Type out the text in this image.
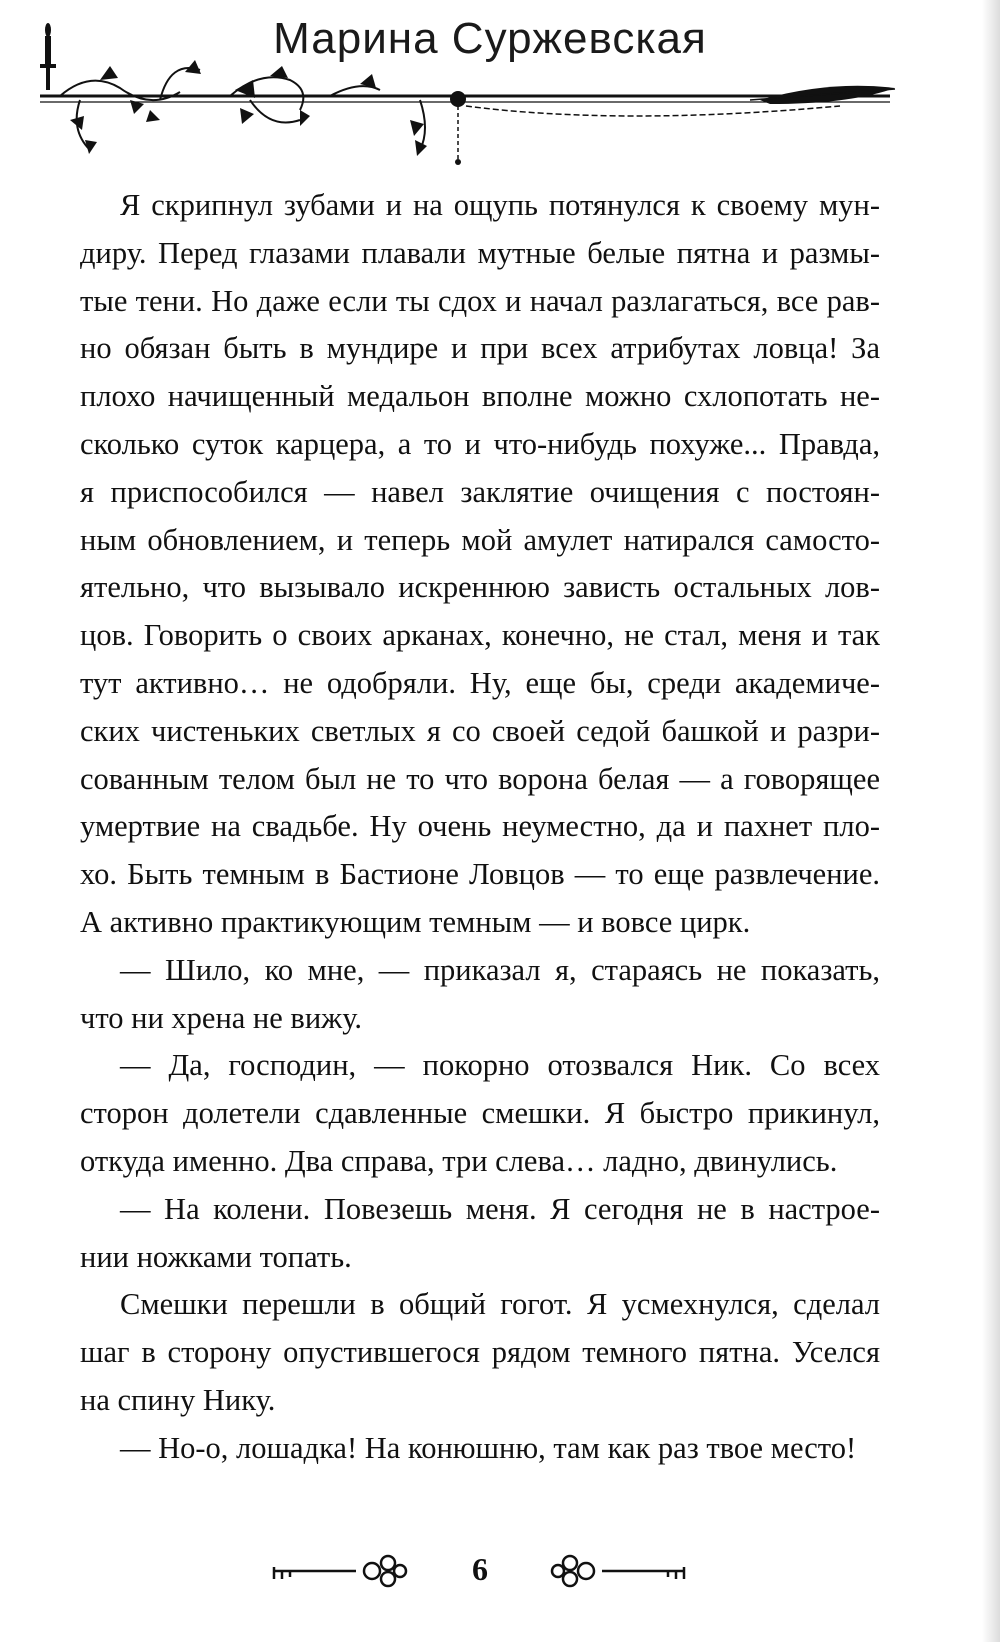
Марина Суржевская

Я скрипнул зубами и на ощупь потянулся к своему мун-
диру. Перед глазами плавали мутные белые пятна и размы-
тые тени. Но даже если ты сдох и начал разлагаться, все рав-
но обязан быть в мундире и при всех атрибутах ловца! За
плохо начищенный медальон вполне можно схлопотать не-
сколько суток карцера, а то и что-нибудь похуже... Правда,
я приспособился — навел заклятие очищения с постоян-
ным обновлением, и теперь мой амулет натирался самосто-
ятельно, что вызывало искреннюю зависть остальных лов-
цов. Говорить о своих арканах, конечно, не стал, меня и так
тут активно… не одобряли. Ну, еще бы, среди академиче-
ских чистеньких светлых я со своей седой башкой и разри-
сованным телом был не то что ворона белая — а говорящее
умертвие на свадьбе. Ну очень неуместно, да и пахнет пло-
хо. Быть темным в Бастионе Ловцов — то еще развлечение.
А активно практикующим темным — и вовсе цирк.

— Шило, ко мне, — приказал я, стараясь не показать,
что ни хрена не вижу.

— Да, господин, — покорно отозвался Ник. Со всех
сторон долетели сдавленные смешки. Я быстро прикинул,
откуда именно. Два справа, три слева… ладно, двинулись.

— На колени. Повезешь меня. Я сегодня не в настрое-
нии ножками топать.

Смешки перешли в общий гогот. Я усмехнулся, сделал
шаг в сторону опустившегося рядом темного пятна. Уселся
на спину Нику.

— Но-о, лошадка! На конюшню, там как раз твое место!

6
